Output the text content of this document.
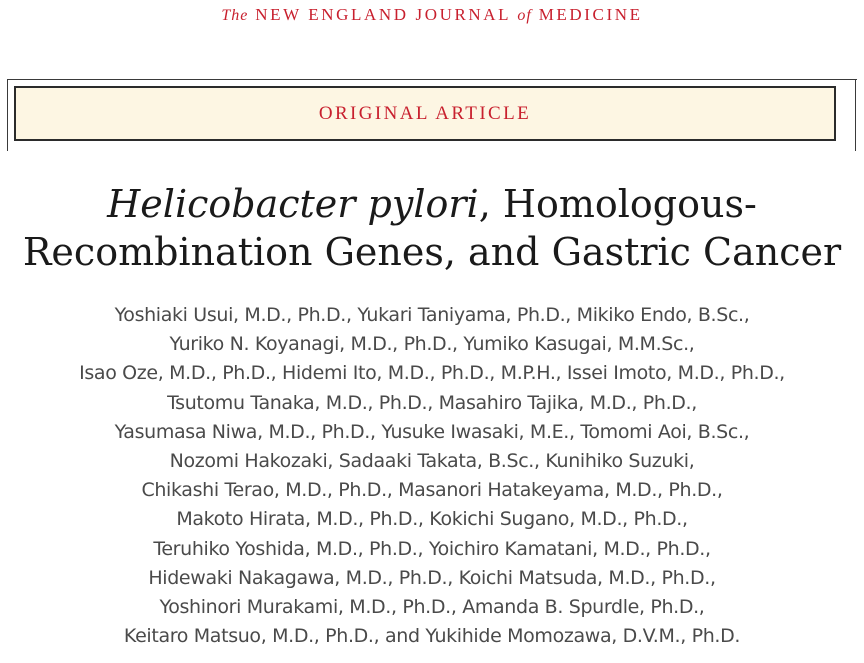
The NEW ENGLAND JOURNAL of MEDICINE
ORIGINAL ARTICLE
Helicobacter pylori, Homologous-
Recombination Genes, and Gastric Cancer
Yoshiaki Usui, M.D., Ph.D., Yukari Taniyama, Ph.D., Mikiko Endo, B.Sc.,
Yuriko N. Koyanagi, M.D., Ph.D., Yumiko Kasugai, M.M.Sc.,
Isao Oze, M.D., Ph.D., Hidemi Ito, M.D., Ph.D., M.P.H., Issei Imoto, M.D., Ph.D.,
Tsutomu Tanaka, M.D., Ph.D., Masahiro Tajika, M.D., Ph.D.,
Yasumasa Niwa, M.D., Ph.D., Yusuke Iwasaki, M.E., Tomomi Aoi, B.Sc.,
Nozomi Hakozaki, Sadaaki Takata, B.Sc., Kunihiko Suzuki,
Chikashi Terao, M.D., Ph.D., Masanori Hatakeyama, M.D., Ph.D.,
Makoto Hirata, M.D., Ph.D., Kokichi Sugano, M.D., Ph.D.,
Teruhiko Yoshida, M.D., Ph.D., Yoichiro Kamatani, M.D., Ph.D.,
Hidewaki Nakagawa, M.D., Ph.D., Koichi Matsuda, M.D., Ph.D.,
Yoshinori Murakami, M.D., Ph.D., Amanda B. Spurdle, Ph.D.,
Keitaro Matsuo, M.D., Ph.D., and Yukihide Momozawa, D.V.M., Ph.D.
